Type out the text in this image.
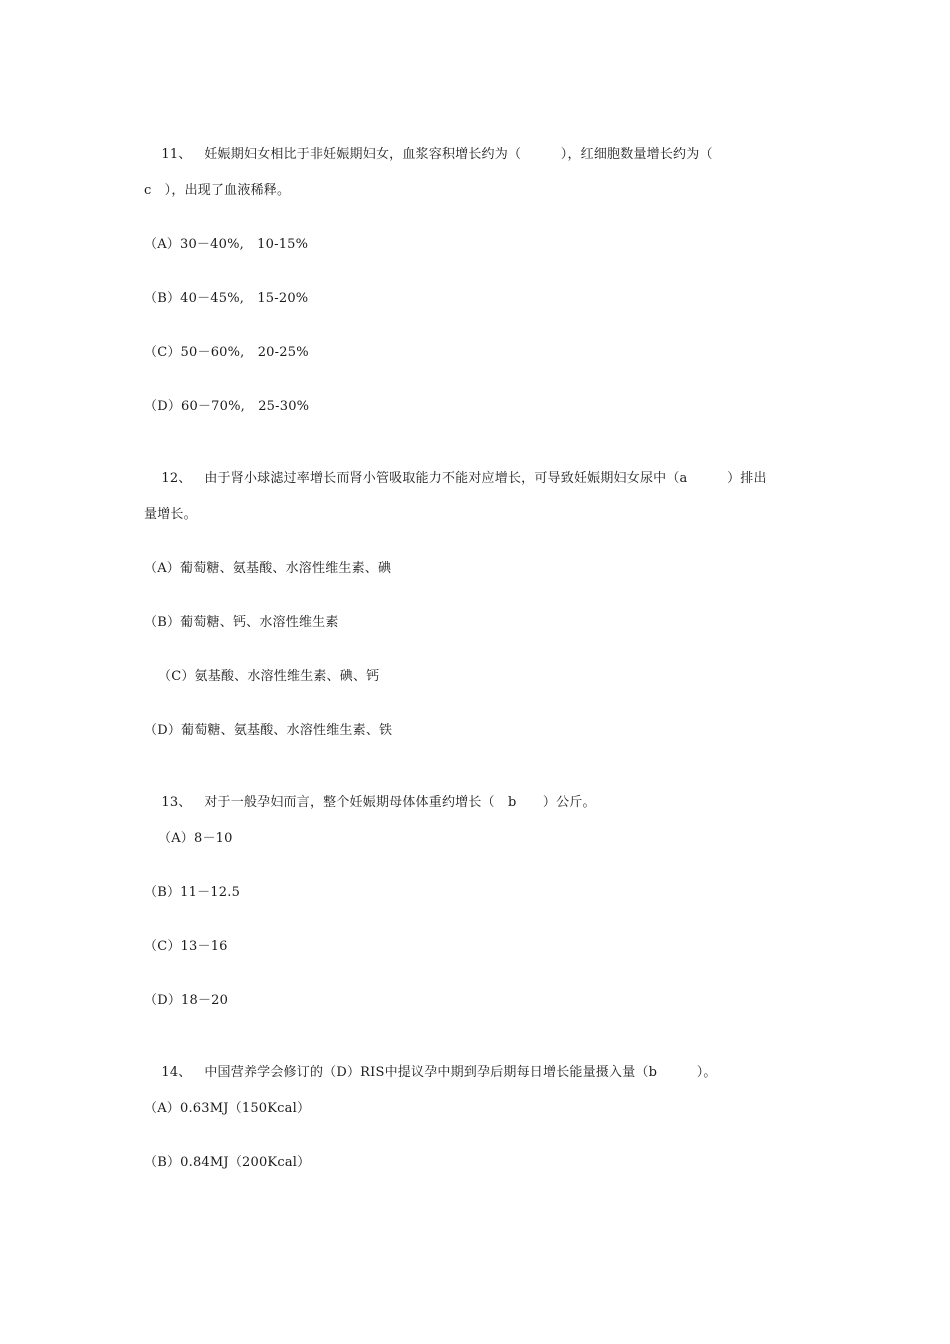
11、 妊娠期妇女相比于非妊娠期妇女，血浆容积增长约为（　　　），红细胞数量增长约为（

c　），出现了血液稀释。
（A）30－40%,　10-15%
（B）40－45%,　15-20%
（C）50－60%,　20-25%
（D）60－70%,　25-30%

12、 由于肾小球滤过率增长而肾小管吸取能力不能对应增长，可导致妊娠期妇女尿中（a　　　）排出

量增长。
（A）葡萄糖、氨基酸、水溶性维生素、碘
（B）葡萄糖、钙、水溶性维生素
（C）氨基酸、水溶性维生素、碘、钙
（D）葡萄糖、氨基酸、水溶性维生素、铁

13、 对于一般孕妇而言，整个妊娠期母体体重约增长（　b　　）公斤。

（A）8－10
（B）11－12.5
（C）13－16
（D）18－20

14、 中国营养学会修订的（D）RIS中提议孕中期到孕后期每日增长能量摄入量（b　　　）。

（A）0.63MJ（150Kcal）
（B）0.84MJ（200Kcal）
